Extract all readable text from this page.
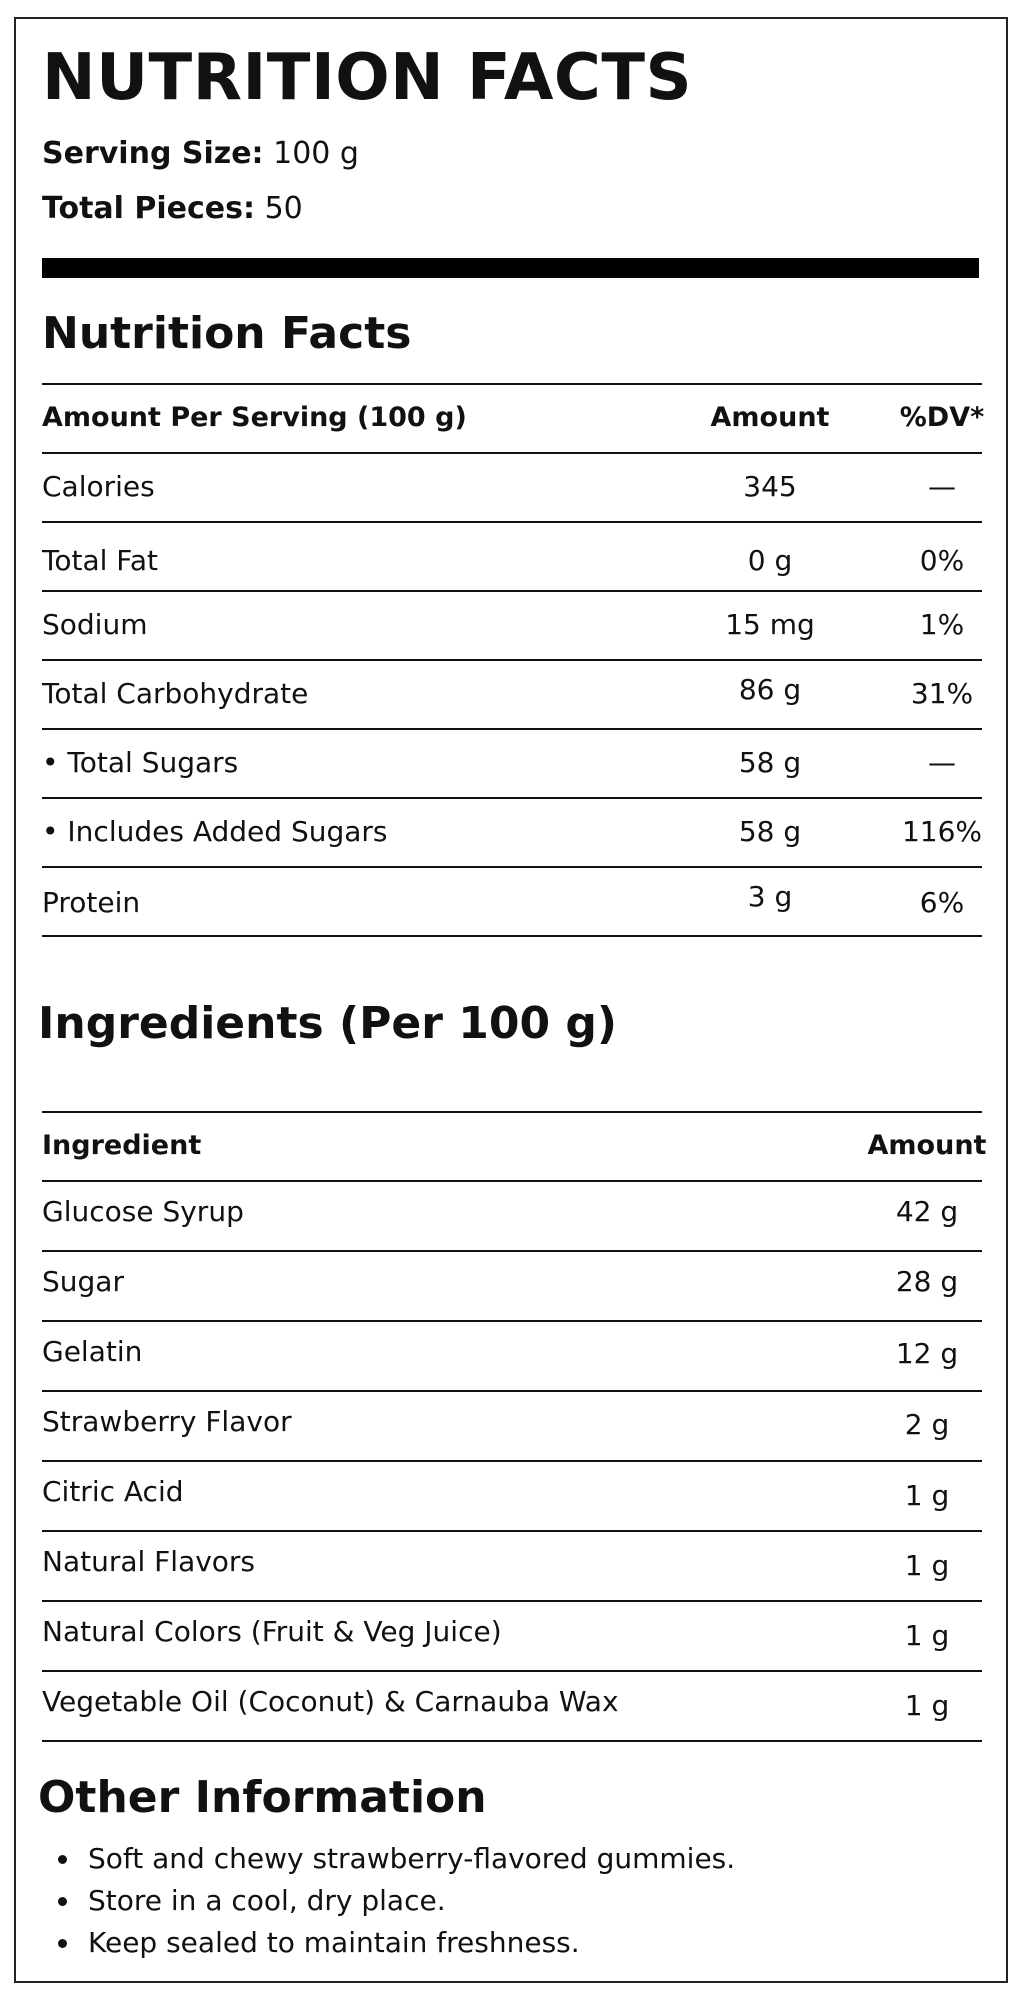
NUTRITION FACTS
Serving Size: 100 g
Total Pieces: 50
Nutrition Facts
Amount Per Serving (100 g)	Amount	%DV*
Calories	345	—
Total Fat	0 g	0%
Sodium	15 mg	1%
Total Carbohydrate	86 g	31%
• Total Sugars	58 g	—
• Includes Added Sugars	58 g	116%
Protein	3 g	6%
Ingredients (Per 100 g)
Ingredient	Amount
Glucose Syrup	42 g
Sugar	28 g
Gelatin	12 g
Strawberry Flavor	2 g
Citric Acid	1 g
Natural Flavors	1 g
Natural Colors (Fruit & Veg Juice)	1 g
Vegetable Oil (Coconut) & Carnauba Wax	1 g
Other Information
Soft and chewy strawberry-flavored gummies.
Store in a cool, dry place.
Keep sealed to maintain freshness.
